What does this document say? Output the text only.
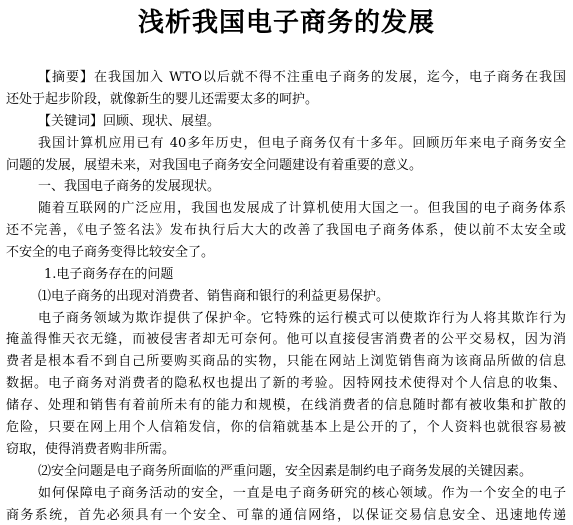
浅析我国电子商务的发展

【摘要】在我国加入 WTO以后就不得不注重电子商务的发展，迄今，电子商务在我国

还处于起步阶段，就像新生的婴儿还需要太多的呵护。

【关键词】回顾、现状、展望。

我国计算机应用已有 40多年历史，但电子商务仅有十多年。回顾历年来电子商务安全

问题的发展，展望未来，对我国电子商务安全问题建设有着重要的意义。

一、我国电子商务的发展现状。

随着互联网的广泛应用，我国也发展成了计算机使用大国之一。但我国的电子商务体系

还不完善，《电子签名法》发布执行后大大的改善了我国电子商务体系，使以前不太安全或

不安全的电子商务变得比较安全了。

1.电子商务存在的问题

⑴电子商务的出现对消费者、销售商和银行的利益更易保护。

电子商务领域为欺诈提供了保护伞。它特殊的运行模式可以使欺诈行为人将其欺诈行为

掩盖得惟天衣无缝，而被侵害者却无可奈何。他可以直接侵害消费者的公平交易权，因为消

费者是根本看不到自己所要购买商品的实物，只能在网站上浏览销售商为该商品所做的信息

数据。电子商务对消费者的隐私权也提出了新的考验。因特网技术使得对个人信息的收集、

储存、处理和销售有着前所未有的能力和规模，在线消费者的信息随时都有被收集和扩散的

危险，只要在网上用个人信箱发信，你的信箱就基本上是公开的了，个人资料也就很容易被

窃取，使得消费者购非所需。

⑵安全问题是电子商务所面临的严重问题，安全因素是制约电子商务发展的关键因素。

如何保障电子商务活动的安全，一直是电子商务研究的核心领域。作为一个安全的电子

商务系统，首先必须具有一个安全、可靠的通信网络，以保证交易信息安全、迅速地传递
